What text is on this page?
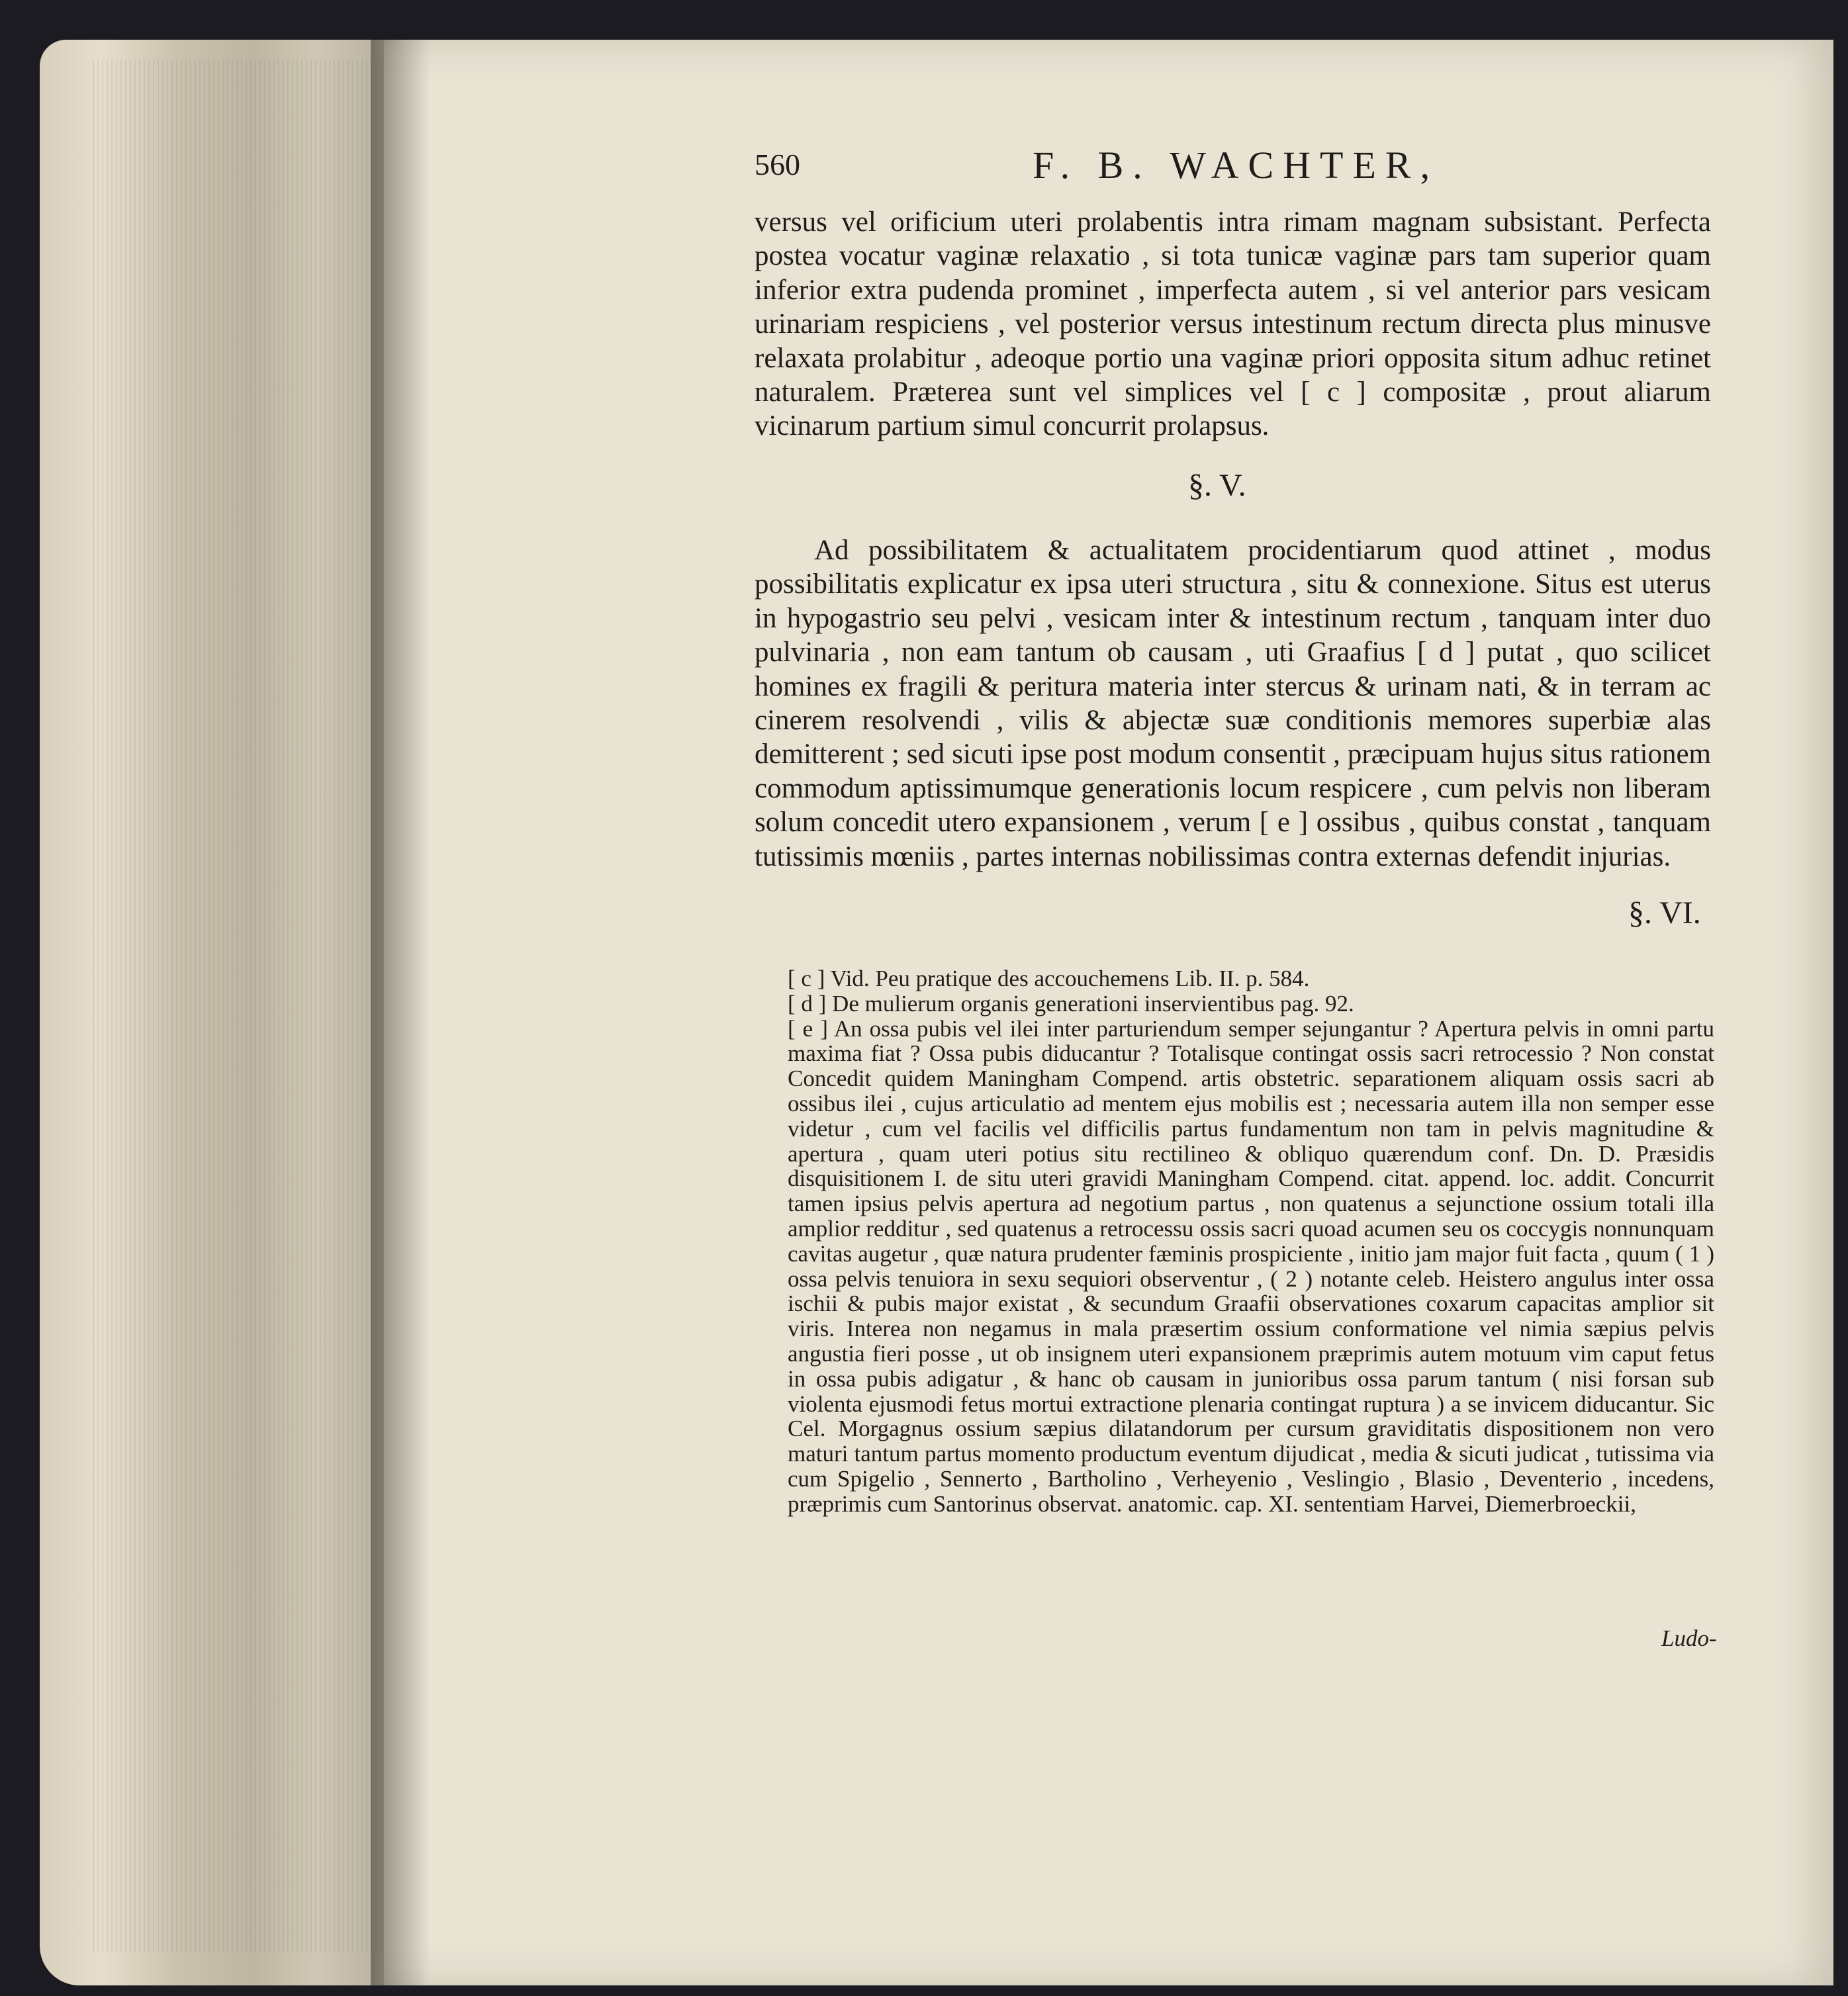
560	F. B. WACHTER,

versus vel orificium uteri prolabentis intra rimam magnam subsistant. Perfecta postea vocatur vaginæ relaxatio , si tota tunicæ vaginæ pars tam superior quam inferior extra pudenda prominet , imperfecta autem , si vel anterior pars vesicam urinariam respiciens , vel posterior versus intestinum rectum directa plus minusve relaxata prolabitur , adeoque portio una vaginæ priori opposita situm adhuc retinet naturalem. Præterea sunt vel simplices vel [ c ] compositæ , prout aliarum vicinarum partium simul concurrit prolapsus.

§. V.

Ad possibilitatem & actualitatem procidentiarum quod attinet , modus possibilitatis explicatur ex ipsa uteri structura , situ & connexione. Situs est uterus in hypogastrio seu pelvi , vesicam inter & intestinum rectum , tanquam inter duo pulvinaria , non eam tantum ob causam , uti Graafius [ d ] putat , quo scilicet homines ex fragili & peritura materia inter stercus & urinam nati, & in terram ac cinerem resolvendi , vilis & abjectæ suæ conditionis memores superbiæ alas demitterent ; sed sicuti ipse post modum consentit , præcipuam hujus situs rationem commodum aptissimumque generationis locum respicere , cum pelvis non liberam solum concedit utero expansionem , verum [ e ] ossibus , quibus constat , tanquam tutissimis mœniis , partes internas nobilissimas contra externas defendit injurias.

§. VI.

[ c ] Vid. Peu pratique des accouchemens Lib. II. p. 584.

[ d ] De mulierum organis generationi inservientibus pag. 92.

[ e ] An ossa pubis vel ilei inter parturiendum semper sejungantur ? Apertura pelvis in omni partu maxima fiat ? Ossa pubis diducantur ? Totalisque contingat ossis sacri retrocessio ? Non constat Concedit quidem Maningham Compend. artis obstetric. separationem aliquam ossis sacri ab ossibus ilei , cujus articulatio ad mentem ejus mobilis est ; necessaria autem illa non semper esse videtur , cum vel facilis vel difficilis partus fundamentum non tam in pelvis magnitudine & apertura , quam uteri potius situ rectilineo & obliquo quærendum conf. Dn. D. Præsidis disquisitionem I. de situ uteri gravidi Maningham Compend. citat. append. loc. addit. Concurrit tamen ipsius pelvis apertura ad negotium partus , non quatenus a sejunctione ossium totali illa amplior redditur , sed quatenus a retrocessu ossis sacri quoad acumen seu os coccygis nonnunquam cavitas augetur , quæ natura prudenter fæminis prospiciente , initio jam major fuit facta , quum ( 1 ) ossa pelvis tenuiora in sexu sequiori observentur , ( 2 ) notante celeb. Heistero angulus inter ossa ischii & pubis major existat , & secundum Graafii observationes coxarum capacitas amplior sit viris. Interea non negamus in mala præsertim ossium conformatione vel nimia sæpius pelvis angustia fieri posse , ut ob insignem uteri expansionem præprimis autem motuum vim caput fetus in ossa pubis adigatur , & hanc ob causam in junioribus ossa parum tantum ( nisi forsan sub violenta ejusmodi fetus mortui extractione plenaria contingat ruptura ) a se invicem diducantur. Sic Cel. Morgagnus ossium sæpius dilatandorum per cursum graviditatis dispositionem non vero maturi tantum partus momento productum eventum dijudicat , media & sicuti judicat , tutissima via cum Spigelio , Sennerto , Bartholino , Verheyenio , Veslingio , Blasio , Deventerio , incedens, præprimis cum Santorinus observat. anatomic. cap. XI. sententiam Harvei, Diemerbroeckii,

Ludo-
